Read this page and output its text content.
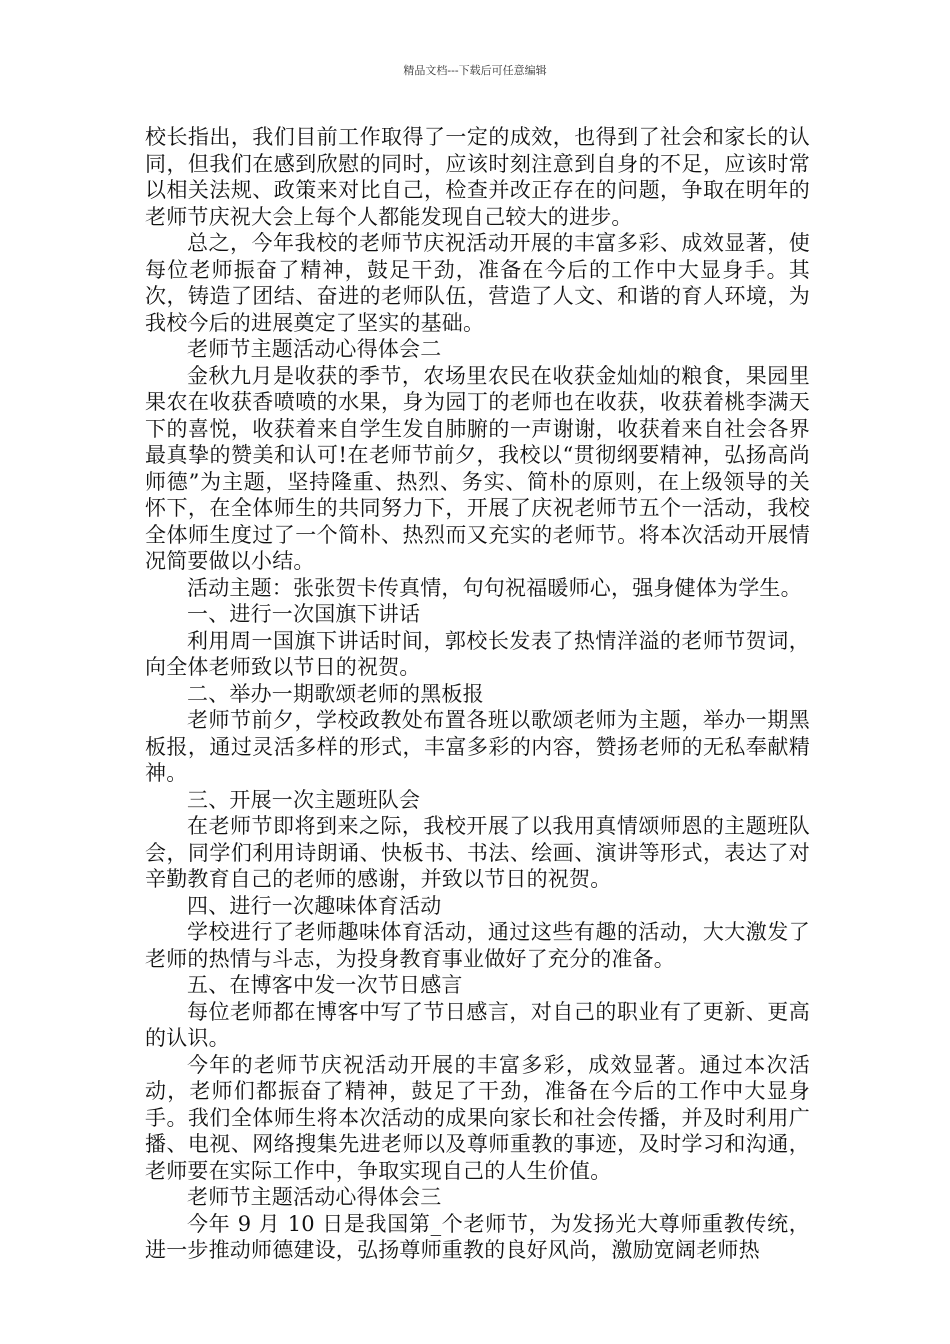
精品文档---下载后可任意编辑

校长指出，我们目前工作取得了一定的成效，也得到了社会和家长的认同，但我们在感到欣慰的同时，应该时刻注意到自身的不足，应该时常以相关法规、政策来对比自己，检查并改正存在的问题，争取在明年的老师节庆祝大会上每个人都能发现自己较大的进步。

总之，今年我校的老师节庆祝活动开展的丰富多彩、成效显著，使每位老师振奋了精神，鼓足干劲，准备在今后的工作中大显身手。其次，铸造了团结、奋进的老师队伍，营造了人文、和谐的育人环境，为我校今后的进展奠定了坚实的基础。

老师节主题活动心得体会二

金秋九月是收获的季节，农场里农民在收获金灿灿的粮食，果园里果农在收获香喷喷的水果，身为园丁的老师也在收获，收获着桃李满天下的喜悦，收获着来自学生发自肺腑的一声谢谢，收获着来自社会各界最真挚的赞美和认可!在老师节前夕，我校以“贯彻纲要精神，弘扬高尚师德”为主题，坚持隆重、热烈、务实、简朴的原则，在上级领导的关怀下，在全体师生的共同努力下，开展了庆祝老师节五个一活动，我校全体师生度过了一个简朴、热烈而又充实的老师节。将本次活动开展情况简要做以小结。

活动主题：张张贺卡传真情，句句祝福暖师心，强身健体为学生。

一、进行一次国旗下讲话

利用周一国旗下讲话时间，郭校长发表了热情洋溢的老师节贺词，向全体老师致以节日的祝贺。

二、举办一期歌颂老师的黑板报

老师节前夕，学校政教处布置各班以歌颂老师为主题，举办一期黑板报，通过灵活多样的形式，丰富多彩的内容，赞扬老师的无私奉献精神。

三、开展一次主题班队会

在老师节即将到来之际，我校开展了以我用真情颂师恩的主题班队会，同学们利用诗朗诵、快板书、书法、绘画、演讲等形式，表达了对辛勤教育自己的老师的感谢，并致以节日的祝贺。

四、进行一次趣味体育活动

学校进行了老师趣味体育活动，通过这些有趣的活动，大大激发了老师的热情与斗志，为投身教育事业做好了充分的准备。

五、在博客中发一次节日感言

每位老师都在博客中写了节日感言，对自己的职业有了更新、更高的认识。

今年的老师节庆祝活动开展的丰富多彩，成效显著。通过本次活动，老师们都振奋了精神，鼓足了干劲，准备在今后的工作中大显身手。我们全体师生将本次活动的成果向家长和社会传播，并及时利用广播、电视、网络搜集先进老师以及尊师重教的事迹，及时学习和沟通，老师要在实际工作中，争取实现自己的人生价值。

老师节主题活动心得体会三

今年 9 月 10 日是我国第_个老师节，为发扬光大尊师重教传统，进一步推动师德建设，弘扬尊师重教的良好风尚，激励宽阔老师热
